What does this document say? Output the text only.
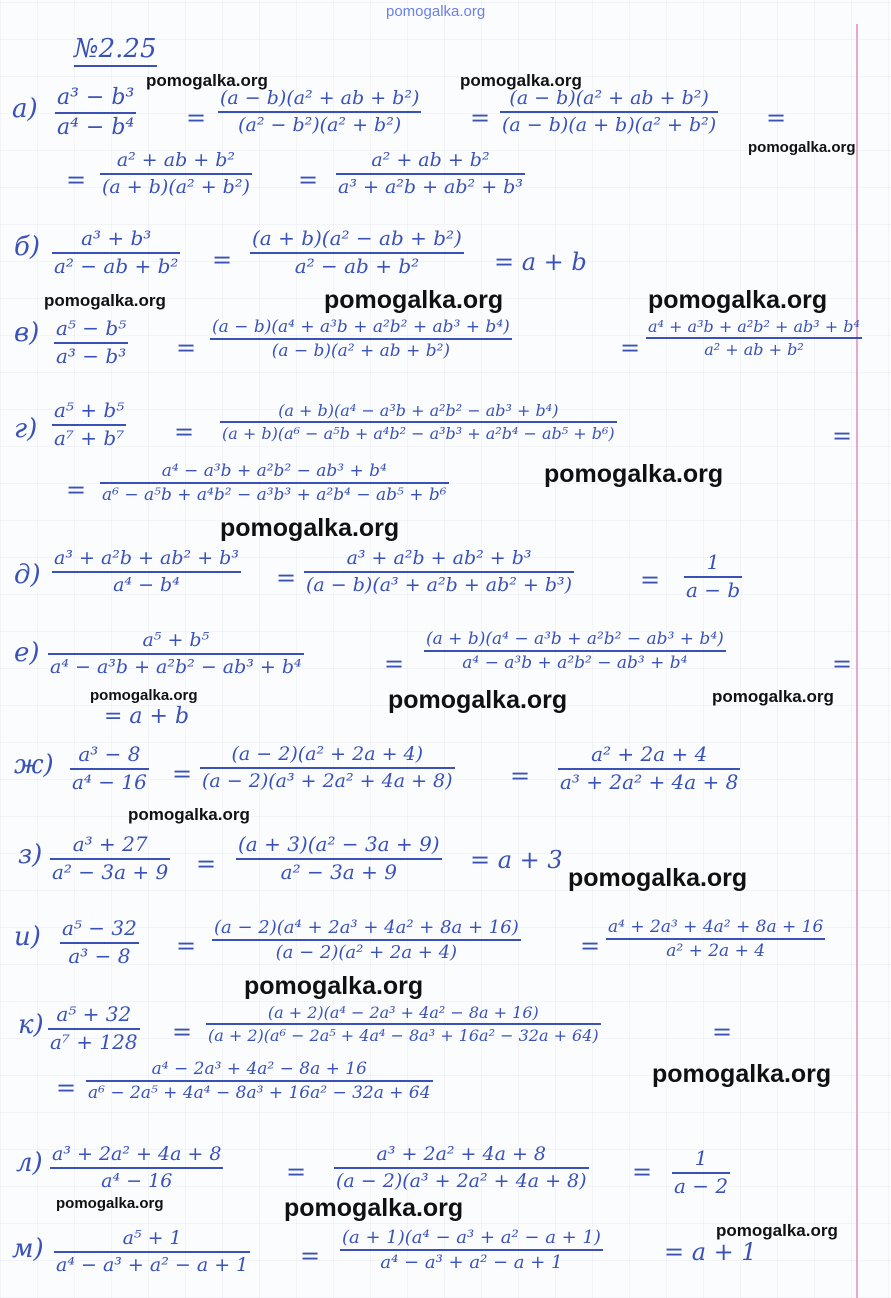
pomogalka.org
№2.25
а) a³ − b³
a⁴ − b⁴ =
(a − b)(a² + ab + b²)
(a² − b²)(a² + b²)	=
(a − b)(a² + ab + b²)
(a − b)(a + b)(a² + b²) =
=
a² + ab + b²
(a + b)(a² + b²) =
a² + ab + b²
a³ + a²b + ab² + b³
б) a³ + b³
a² − ab + b² =
(a + b)(a² − ab + b²)
a² − ab + b²	= a + b
в) a⁵ − b⁵
a³ − b³ =
(a − b)(a⁴ + a³b + a²b² + ab³ + b⁴)
(a − b)(a² + ab + b²)	=
a⁴ + a³b + a²b² + ab³ + b⁴
a² + ab + b²
г)
a⁵ + b⁵
a⁷ + b⁷ =
(a + b)(a⁴ − a³b + a²b² − ab³ + b⁴)
(a + b)(a⁶ − a⁵b + a⁴b² − a³b³ + a²b⁴ − ab⁵ + b⁶)	=
=
a⁴ − a³b + a²b² − ab³ + b⁴
a⁶ − a⁵b + a⁴b² − a³b³ + a²b⁴ − ab⁵ + b⁶
д)
a³ + a²b + ab² + b³
a⁴ − b⁴	=
a³ + a²b + ab² + b³
(a − b)(a³ + a²b + ab² + b³)	=
1
a − b
е)	a⁵ + b⁵
a⁴ − a³b + a²b² − ab³ + b⁴	=
(a + b)(a⁴ − a³b + a²b² − ab³ + b⁴)
a⁴ − a³b + a²b² − ab³ + b⁴	=
= a + b
ж) a³ − 8
a⁴ − 16 =
(a − 2)(a² + 2a + 4)
(a − 2)(a³ + 2a² + 4a + 8) =
a² + 2a + 4
a³ + 2a² + 4a + 8
з) a³ + 27
a² − 3a + 9 =
(a + 3)(a² − 3a + 9)
a² − 3a + 9	= a + 3
и) a⁵ − 32
a³ − 8 =
(a − 2)(a⁴ + 2a³ + 4a² + 8a + 16)
(a − 2)(a² + 2a + 4)	=
a⁴ + 2a³ + 4a² + 8a + 16
a² + 2a + 4
к) a⁵ + 32
a⁷ + 128 =
(a + 2)(a⁴ − 2a³ + 4a² − 8a + 16)
(a + 2)(a⁶ − 2a⁵ + 4a⁴ − 8a³ + 16a² − 32a + 64)	=
=
a⁴ − 2a³ + 4a² − 8a + 16
a⁶ − 2a⁵ + 4a⁴ − 8a³ + 16a² − 32a + 64
л) a³ + 2a² + 4a + 8
a⁴ − 16	=
a³ + 2a² + 4a + 8
(a − 2)(a³ + 2a² + 4a + 8) = 1
a − 2
м)	a⁵ + 1
a⁴ − a³ + a² − a + 1 =
(a + 1)(a⁴ − a³ + a² − a + 1)
a⁴ − a³ + a² − a + 1	= a + 1
pomogalka.org	pomogalka.org
pomogalka.org
pomogalka.org	pomogalka.org	pomogalka.org
pomogalka.org
pomogalka.org
pomogalka.org	pomogalka.org	pomogalka.org
pomogalka.org
pomogalka.org
pomogalka.org
pomogalka.org
pomogalka.org	pomogalka.org
pomogalka.org
